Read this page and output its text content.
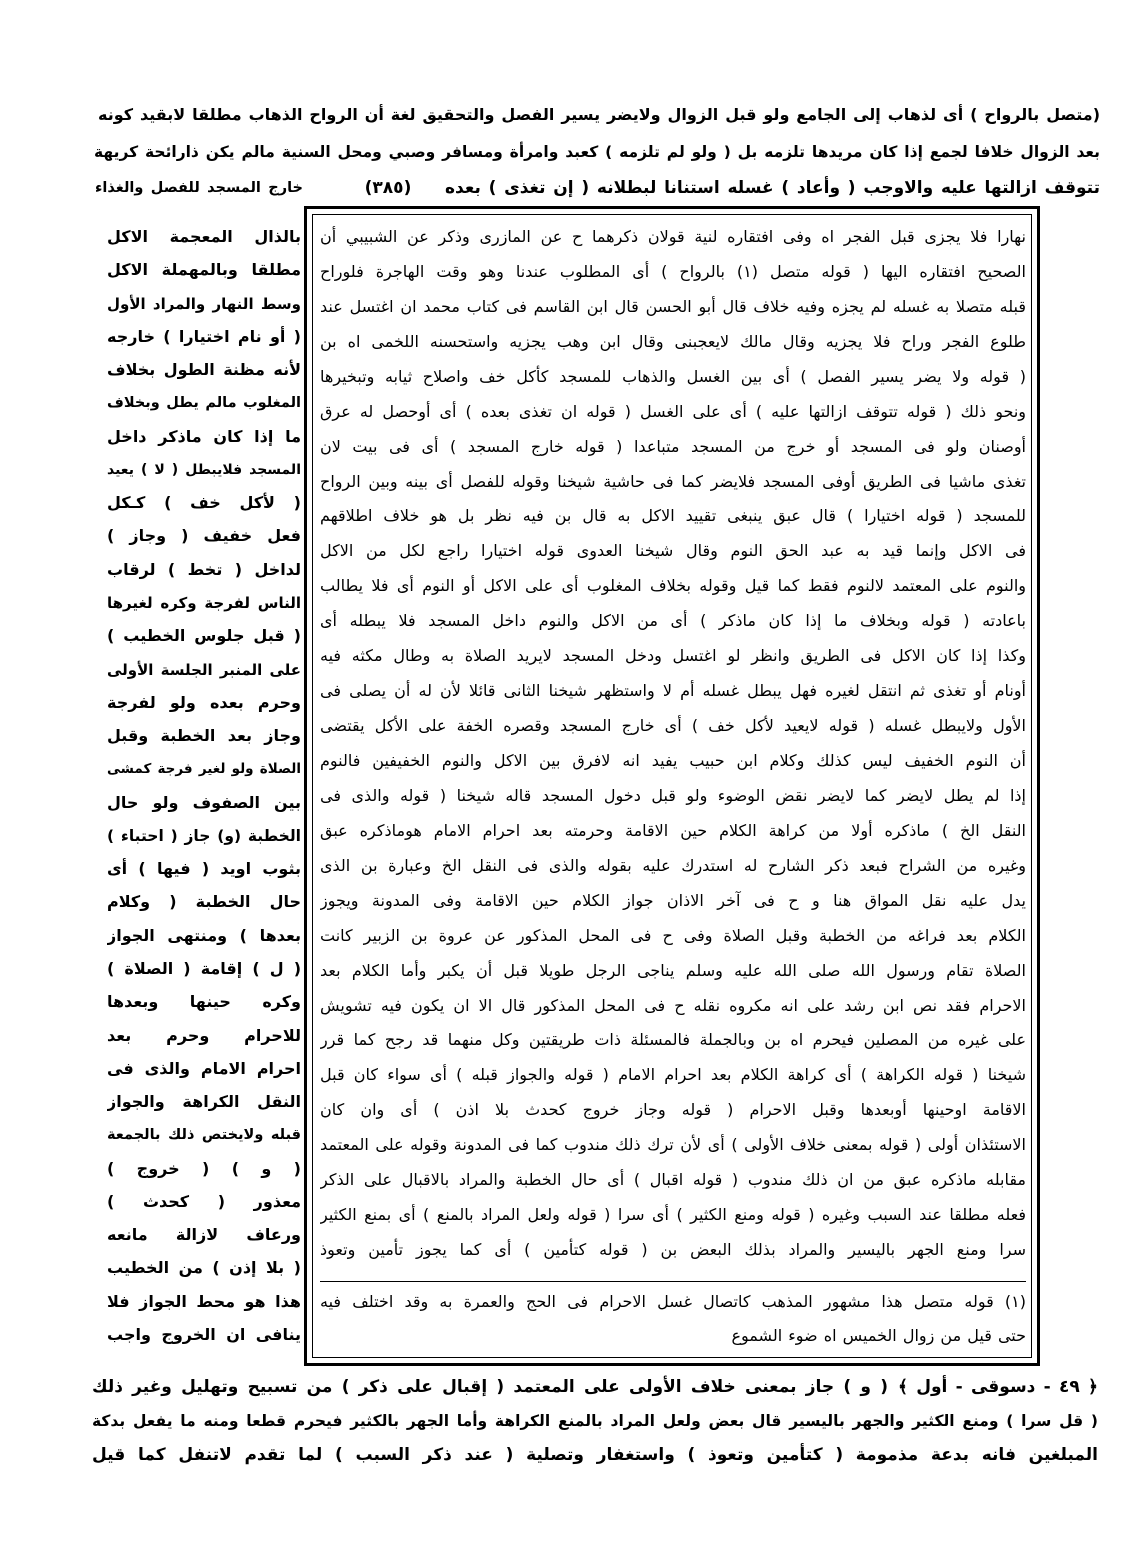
(متصل بالرواح ) أى لذهاب إلى الجامع ولو قبل الزوال ولايضر يسير الفصل والتحقيق لغة أن الرواح الذهاب مطلقا لابقيد كونه
بعد الزوال خلافا لجمع إذا كان مريدها تلزمه بل ( ولو لم تلزمه ) كعبد وامرأة ومسافر وصبي ومحل السنية مالم يكن ذارائحة كريهة
تتوقف ازالتها عليه والاوجب ( وأعاد ) غسله استنانا لبطلانه ( إن تغذى ) بعده
(٣٨٥)
خارج المسجد للفصل والغذاء
نهارا فلا يجزى قبل الفجر اه وفى افتقاره لنية قولان ذكرهما ح عن المازرى وذكر عن الشبيبي أن
الصحيح افتقاره اليها ( قوله متصل (١) بالرواح ) أى المطلوب عندنا وهو وقت الهاجرة فلوراح
قبله متصلا به غسله لم يجزه وفيه خلاف قال أبو الحسن قال ابن القاسم فى كتاب محمد ان اغتسل عند
طلوع الفجر وراح فلا يجزيه وقال مالك لايعجبنى وقال ابن وهب يجزيه واستحسنه اللخمى اه بن
( قوله ولا يضر يسير الفصل ) أى بين الغسل والذهاب للمسجد كأكل خف واصلاح ثيابه وتبخيرها
ونحو ذلك ( قوله تتوقف ازالتها عليه ) أى على الغسل ( قوله ان تغذى بعده ) أى أوحصل له عرق
أوصنان ولو فى المسجد أو خرج من المسجد متباعدا ( قوله خارج المسجد ) أى فى بيت لان
تغذى ماشيا فى الطريق أوفى المسجد فلايضر كما فى حاشية شيخنا وقوله للفصل أى بينه وبين الرواح
للمسجد ( قوله اختيارا ) قال عبق ينبغى تقييد الاكل به قال بن فيه نظر بل هو خلاف اطلاقهم
فى الاكل وإنما قيد به عبد الحق النوم وقال شيخنا العدوى قوله اختيارا راجع لكل من الاكل
والنوم على المعتمد لالنوم فقط كما قيل وقوله بخلاف المغلوب أى على الاكل أو النوم أى فلا يطالب
باعادته ( قوله وبخلاف ما إذا كان ماذكر ) أى من الاكل والنوم داخل المسجد فلا يبطله أى
وكذا إذا كان الاكل فى الطريق وانظر لو اغتسل ودخل المسجد لايريد الصلاة به وطال مكثه فيه
أونام أو تغذى ثم انتقل لغيره فهل يبطل غسله أم لا واستظهر شيخنا الثانى قائلا لأن له أن يصلى فى
الأول ولايبطل غسله ( قوله لايعيد لأكل خف ) أى خارج المسجد وقصره الخفة على الأكل يقتضى
أن النوم الخفيف ليس كذلك وكلام ابن حبيب يفيد انه لافرق بين الاكل والنوم الخفيفين فالنوم
إذا لم يطل لايضر كما لايضر نقض الوضوء ولو قبل دخول المسجد قاله شيخنا ( قوله والذى فى
النقل الخ ) ماذكره أولا من كراهة الكلام حين الاقامة وحرمته بعد احرام الامام هوماذكره عبق
وغيره من الشراح فبعد ذكر الشارح له استدرك عليه بقوله والذى فى النقل الخ وعبارة بن الذى
يدل عليه نقل المواق هنا و ح فى آخر الاذان جواز الكلام حين الاقامة وفى المدونة ويجوز
الكلام بعد فراغه من الخطبة وقبل الصلاة وفى ح فى المحل المذكور عن عروة بن الزبير كانت
الصلاة تقام ورسول الله صلى الله عليه وسلم يناجى الرجل طويلا قبل أن يكبر وأما الكلام بعد
الاحرام فقد نص ابن رشد على انه مكروه نقله ح فى المحل المذكور قال الا ان يكون فيه تشويش
على غيره من المصلين فيحرم اه بن وبالجملة فالمسئلة ذات طريقتين وكل منهما قد رجح كما قرر
شيخنا ( قوله الكراهة ) أى كراهة الكلام بعد احرام الامام ( قوله والجواز قبله ) أى سواء كان قبل
الاقامة اوحينها أوبعدها وقبل الاحرام ( قوله وجاز خروج كحدث بلا اذن ) أى وان كان
الاستئذان أولى ( قوله بمعنى خلاف الأولى ) أى لأن ترك ذلك مندوب كما فى المدونة وقوله على المعتمد
مقابله ماذكره عبق من ان ذلك مندوب ( قوله اقبال ) أى حال الخطبة والمراد بالاقبال على الذكر
فعله مطلقا عند السبب وغيره ( قوله ومنع الكثير ) أى سرا ( قوله ولعل المراد بالمنع ) أى بمنع الكثير
سرا ومنع الجهر باليسير والمراد بذلك البعض بن ( قوله كتأمين ) أى كما يجوز تأمين وتعوذ
(١) قوله متصل هذا مشهور المذهب كاتصال غسل الاحرام فى الحج والعمرة به وقد اختلف فيه
حتى قيل من زوال الخميس اه ضوء الشموع
بالذال المعجمة الاكل
مطلقا وبالمهملة الاكل
وسط النهار والمراد الأول
( أو نام اختيارا ) خارجه
لأنه مظنة الطول بخلاف
المغلوب مالم يطل وبخلاف
ما إذا كان ماذكر داخل
المسجد فلايبطل ( لا ) يعيد
( لأكل خف ) كـكل
فعل خفيف ( وجاز )
لداخل ( تخط ) لرقاب
الناس لفرجة وكره لغيرها
( قبل جلوس الخطيب )
على المنبر الجلسة الأولى
وحرم بعده ولو لفرجة
وجاز بعد الخطبة وقبل
الصلاة ولو لغير فرجة كمشى
بين الصفوف ولو حال
الخطبة (و) جاز ( احتباء )
بثوب اويد ( فيها ) أى
حال الخطبة ( وكلام
بعدها ) ومنتهى الجواز
( ل ) إقامة ( الصلاة )
وكره حينها وبعدها
للاحرام وحرم بعد
احرام الامام والذى فى
النقل الكراهة والجواز
قبله ولايختص ذلك بالجمعة
( و ) ( خروج )
معذور ( كحدث )
ورعاف لازالة مانعه
( بلا إذن ) من الخطيب
هذا هو محط الجواز فلا
ينافى ان الخروج واجب
﴿ ٤٩ - دسوقى - أول ﴾
( و ) جاز بمعنى خلاف الأولى على المعتمد ( إقبال على ذكر ) من تسبيح وتهليل وغير ذلك
( قل سرا ) ومنع الكثير والجهر باليسير قال بعض ولعل المراد بالمنع الكراهة وأما الجهر بالكثير فيحرم قطعا ومنه ما يفعل بدكة
المبلغين فانه بدعة مذمومة ( كتأمين وتعوذ ) واستغفار وتصلية ( عند ذكر السبب ) لما تقدم لاتنفل كما قيل
